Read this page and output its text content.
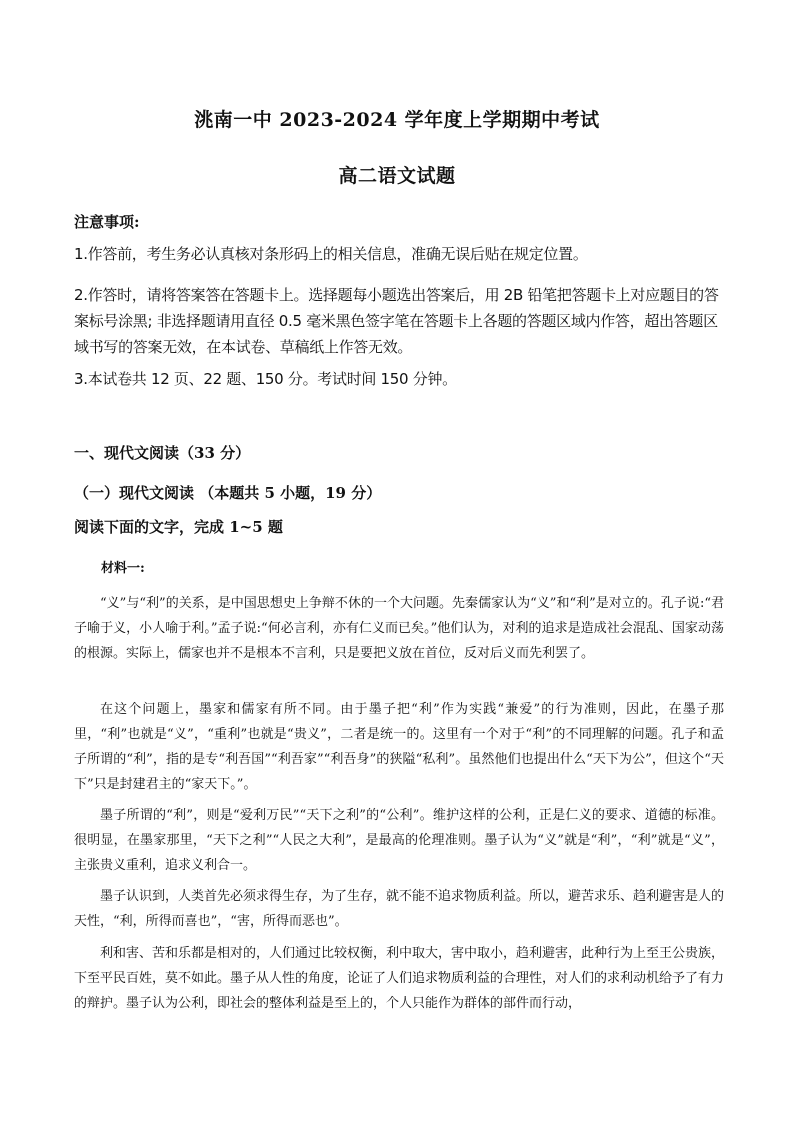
洮南一中 2023-2024 学年度上学期期中考试
高二语文试题
注意事项:
1.作答前，考生务必认真核对条形码上的相关信息，准确无误后贴在规定位置。
2.作答时，请将答案答在答题卡上。选择题每小题选出答案后，用 2B 铅笔把答题卡上对应题目的答案标号涂黑; 非选择题请用直径 0.5 毫米黑色签字笔在答题卡上各题的答题区域内作答，超出答题区域书写的答案无效，在本试卷、草稿纸上作答无效。
3.本试卷共 12 页、22 题、150 分。考试时间 150 分钟。
一、现代文阅读（33 分）
（一）现代文阅读 （本题共 5 小题，19 分）
阅读下面的文字，完成 1~5 题
材料一:
“义”与“利”的关系，是中国思想史上争辩不休的一个大问题。先秦儒家认为“义”和“利”是对立的。孔子说:“君子喻于义，小人喻于利。”孟子说:“何必言利，亦有仁义而已矣。”他们认为，对利的追求是造成社会混乱、国家动荡的根源。实际上，儒家也并不是根本不言利，只是要把义放在首位，反对后义而先利罢了。
在这个问题上，墨家和儒家有所不同。由于墨子把“利”作为实践“兼爱”的行为准则，因此，在墨子那里，“利”也就是“义”，“重利”也就是“贵义”，二者是统一的。这里有一个对于“利”的不同理解的问题。孔子和孟子所谓的“利”，指的是专“利吾国”“利吾家”“利吾身”的狭隘“私利”。虽然他们也提出什么“天下为公”，但这个“天下”只是封建君主的“家天下。”。
墨子所谓的“利”，则是“爱利万民”“天下之利”的“公利”。维护这样的公利，正是仁义的要求、道德的标准。很明显，在墨家那里，“天下之利”“人民之大利”，是最高的伦理准则。墨子认为“义”就是“利”，“利”就是“义”，主张贵义重利，追求义利合一。
墨子认识到，人类首先必须求得生存，为了生存，就不能不追求物质利益。所以，避苦求乐、趋利避害是人的天性，“利，所得而喜也”，“害，所得而恶也”。
利和害、苦和乐都是相对的，人们通过比较权衡，利中取大，害中取小，趋利避害，此种行为上至王公贵族，下至平民百姓，莫不如此。墨子从人性的角度，论证了人们追求物质利益的合理性，对人们的求利动机给予了有力的辩护。墨子认为公利，即社会的整体利益是至上的，个人只能作为群体的部件而行动，
